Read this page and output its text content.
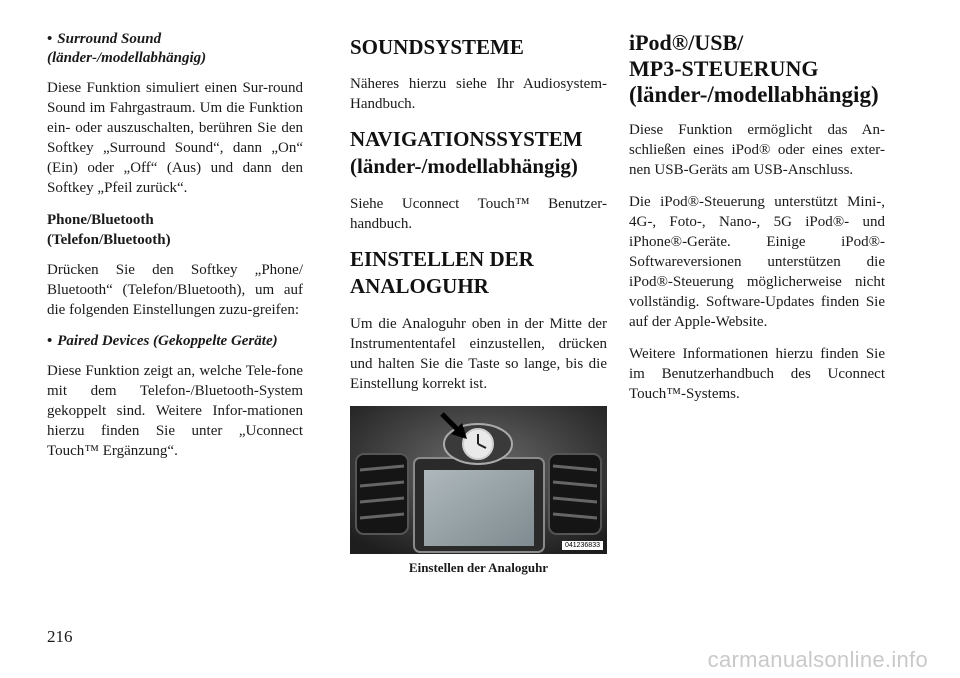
• Surround Sound
(länder-/modellabhängig)

Diese Funktion simuliert einen Sur-round Sound im Fahrgastraum. Um die Funktion ein- oder auszuschalten, berühren Sie den Softkey „Surround Sound“, dann „On“ (Ein) oder „Off“ (Aus) und dann den Softkey „Pfeil zurück“.

Phone/Bluetooth
(Telefon/Bluetooth)

Drücken Sie den Softkey „Phone/ Bluetooth“ (Telefon/Bluetooth), um auf die folgenden Einstellungen zuzu-greifen:

• Paired Devices (Gekoppelte Geräte)

Diese Funktion zeigt an, welche Tele-fone mit dem Telefon-/Bluetooth-System gekoppelt sind. Weitere Infor-mationen hierzu finden Sie unter „Uconnect Touch™ Ergänzung“.

SOUNDSYSTEME

Näheres hierzu siehe Ihr Audiosystem-Handbuch.

NAVIGATIONSSYSTEM
(länder-/modellabhängig)

Siehe Uconnect Touch™ Benutzer-handbuch.

EINSTELLEN DER
ANALOGUHR

Um die Analoguhr oben in der Mitte der Instrumententafel einzustellen, drücken und halten Sie die Taste so lange, bis die Einstellung korrekt ist.

041236833
Einstellen der Analoguhr
iPod®/USB/
MP3-STEUERUNG
(länder-/modellabhängig)

Diese Funktion ermöglicht das An-schließen eines iPod® oder eines exter-nen USB-Geräts am USB-Anschluss.

Die iPod®-Steuerung unterstützt Mini-, 4G-, Foto-, Nano-, 5G iPod®- und iPhone®-Geräte. Einige iPod®-Softwareversionen unterstützen die iPod®-Steuerung möglicherweise nicht vollständig. Software-Updates finden Sie auf der Apple-Website.

Weitere Informationen hierzu finden Sie im Benutzerhandbuch des Uconnect Touch™-Systems.

216
carmanualsonline.info
